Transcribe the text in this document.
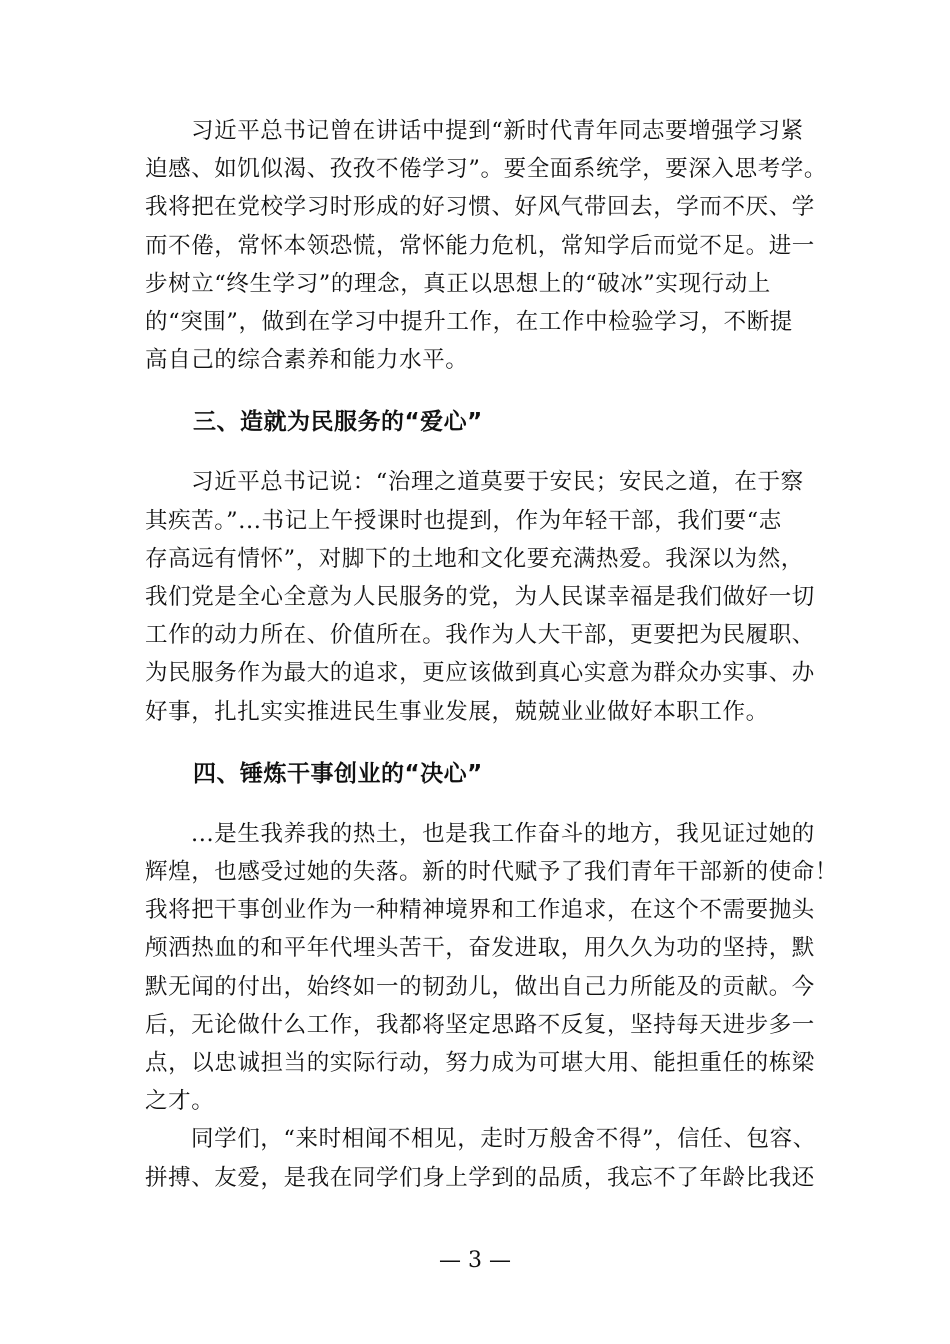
习近平总书记曾在讲话中提到“新时代青年同志要增强学习紧
迫感、如饥似渴、孜孜不倦学习”。要全面系统学，要深入思考学。
我将把在党校学习时形成的好习惯、好风气带回去，学而不厌、学
而不倦，常怀本领恐慌，常怀能力危机，常知学后而觉不足。进一
步树立“终生学习”的理念，真正以思想上的“破冰”实现行动上
的“突围”，做到在学习中提升工作，在工作中检验学习，不断提
高自己的综合素养和能力水平。

三、造就为民服务的“爱心”

习近平总书记说：“治理之道莫要于安民；安民之道，在于察
其疾苦。”...书记上午授课时也提到，作为年轻干部，我们要“志
存高远有情怀”，对脚下的土地和文化要充满热爱。我深以为然，
我们党是全心全意为人民服务的党，为人民谋幸福是我们做好一切
工作的动力所在、价值所在。我作为人大干部，更要把为民履职、
为民服务作为最大的追求，更应该做到真心实意为群众办实事、办
好事，扎扎实实推进民生事业发展，兢兢业业做好本职工作。

四、锤炼干事创业的“决心”

...是生我养我的热土，也是我工作奋斗的地方，我见证过她的
辉煌，也感受过她的失落。新的时代赋予了我们青年干部新的使命！
我将把干事创业作为一种精神境界和工作追求，在这个不需要抛头
颅洒热血的和平年代埋头苦干，奋发进取，用久久为功的坚持，默
默无闻的付出，始终如一的韧劲儿，做出自己力所能及的贡献。今
后，无论做什么工作，我都将坚定思路不反复，坚持每天进步多一
点，以忠诚担当的实际行动，努力成为可堪大用、能担重任的栋梁
之才。

同学们，“来时相闻不相见，走时万般舍不得”，信任、包容、
拼搏、友爱，是我在同学们身上学到的品质，我忘不了年龄比我还

— 3 —
